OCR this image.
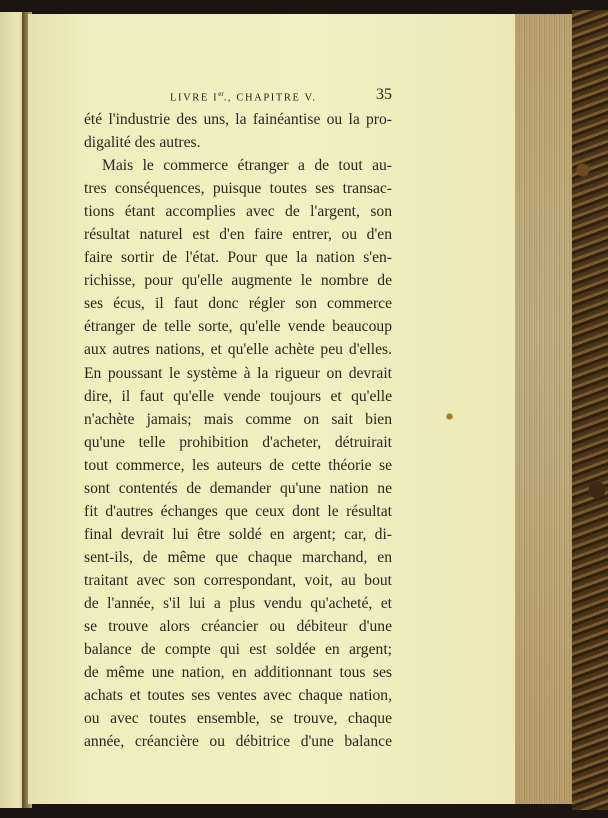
LIVRE Ier., CHAPITRE V.	35
été l'industrie des uns, la fainéantise ou la pro-
digalité des autres.
Mais le commerce étranger a de tout au-
tres conséquences, puisque toutes ses transac-
tions étant accomplies avec de l'argent, son
résultat naturel est d'en faire entrer, ou d'en
faire sortir de l'état. Pour que la nation s'en-
richisse, pour qu'elle augmente le nombre de
ses écus, il faut donc régler son commerce
étranger de telle sorte, qu'elle vende beaucoup
aux autres nations, et qu'elle achète peu d'elles.
En poussant le système à la rigueur on devrait
dire, il faut qu'elle vende toujours et qu'elle
n'achète jamais; mais comme on sait bien
qu'une telle prohibition d'acheter, détruirait
tout commerce, les auteurs de cette théorie se
sont contentés de demander qu'une nation ne
fit d'autres échanges que ceux dont le résultat
final devrait lui être soldé en argent; car, di-
sent-ils, de même que chaque marchand, en
traitant avec son correspondant, voit, au bout
de l'année, s'il lui a plus vendu qu'acheté, et
se trouve alors créancier ou débiteur d'une
balance de compte qui est soldée en argent;
de même une nation, en additionnant tous ses
achats et toutes ses ventes avec chaque nation,
ou avec toutes ensemble, se trouve, chaque
année, créancière ou débitrice d'une balance
